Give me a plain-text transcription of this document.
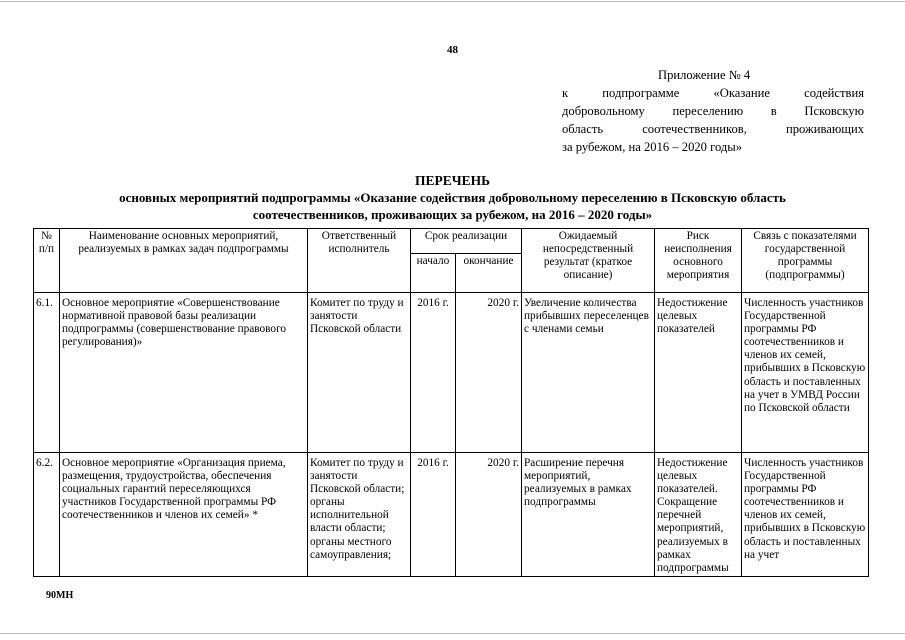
48
Приложение № 4
к подпрограмме «Оказание содействия
добровольному переселению в Псковскую
область соотечественников, проживающих
за рубежом, на 2016 – 2020 годы»
ПЕРЕЧЕНЬ
основных мероприятий подпрограммы «Оказание содействия добровольному переселению в Псковскую область
соотечественников, проживающих за рубежом, на 2016 – 2020 годы»
№ п/п	Наименование основных мероприятий, реализуемых в рамках задач подпрограммы	Ответственный исполнитель	Срок реализации		Ожидаемый непосредственный результат (краткое описание)	Риск неисполнения основного мероприятия	Связь с показателями государственной программы (подпрограммы)
			начало	окончание			
6.1.	Основное мероприятие «Совершенствование нормативной правовой базы реализации подпрограммы (совершенствование правового регулирования)»	Комитет по труду и занятости Псковской области	2016 г.	2020 г.	Увеличение количества прибывших переселенцев с членами семьи	Недостижение целевых показателей	Численность участников Государственной программы РФ соотечественников и членов их семей, прибывших в Псковскую область и поставленных на учет в УМВД России по Псковской области
6.2.	Основное мероприятие «Организация приема, размещения, трудоустройства, обеспечения социальных гарантий переселяющихся участников Государственной программы РФ соотечественников и членов их семей» *	Комитет по труду и занятости Псковской области; органы исполнительной власти области; органы местного самоуправления;	2016 г.	2020 г.	Расширение перечня мероприятий, реализуемых в рамках подпрограммы	Недостижение целевых показателей. Сокращение перечней мероприятий, реализуемых в рамках подпрограммы	Численность участников Государственной программы РФ соотечественников и членов их семей, прибывших в Псковскую область и поставленных на учет
90МН
